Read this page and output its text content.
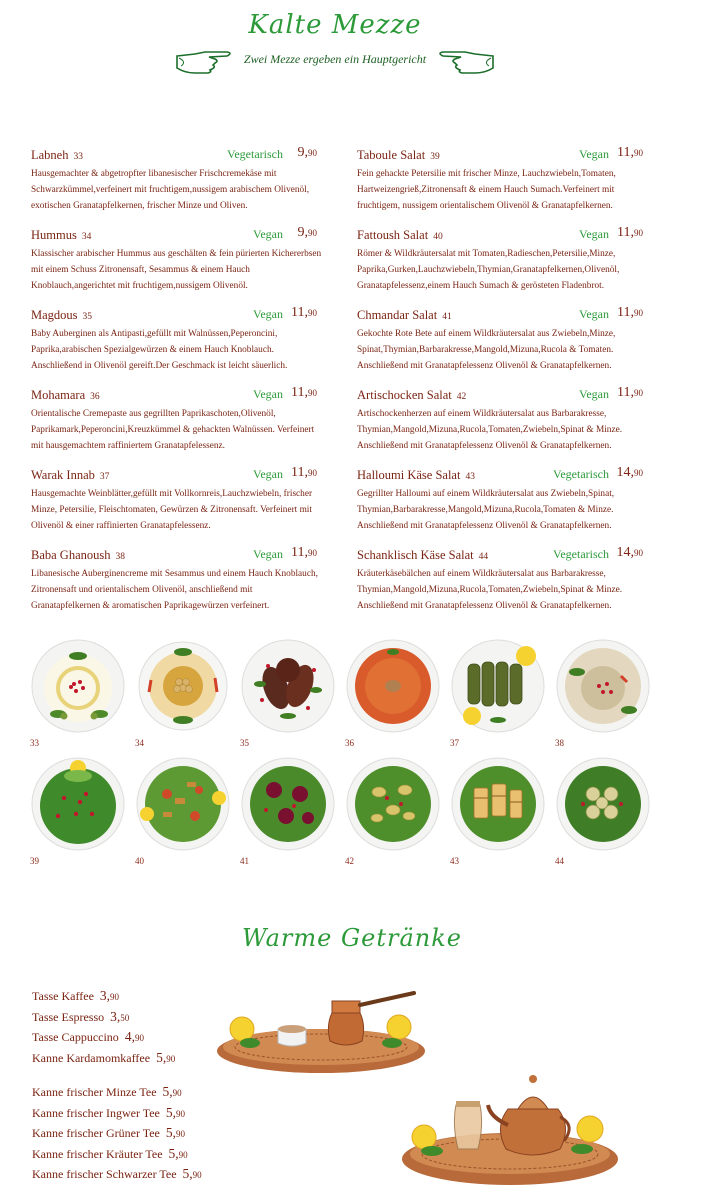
Kalte Mezze
Zwei Mezze ergeben ein Hauptgericht
Labneh 33	Vegetarisch 9,90
Hausgemachter & abgetropfter libanesischer Frischcremekäse mit Schwarzkümmel,verfeinert mit fruchtigem,nussigem arabischem Olivenöl, exotischen Granatapfelkernen, frischer Minze und Oliven.
Hummus 34	Vegan 9,90
Klassischer arabischer Hummus aus geschälten & fein pürierten Kichererbsen mit einem Schuss Zitronensaft, Sesammus & einem Hauch Knoblauch,angerichtet mit fruchtigem,nussigem Olivenöl.
Magdous 35	Vegan 11,90
Baby Auberginen als Antipasti,gefüllt mit Walnüssen,Peperoncini, Paprika,arabischen Spezialgewürzen & einem Hauch Knoblauch. Anschließend in Olivenöl gereift.Der Geschmack ist leicht säuerlich.
Mohamara 36	Vegan 11,90
Orientalische Cremepaste aus gegrillten Paprikaschoten,Olivenöl, Paprikamark,Peperoncini,Kreuzkümmel & gehackten Walnüssen. Verfeinert mit hausgemachtem raffiniertem Granatapfelessenz.
Warak Innab 37	Vegan 11,90
Hausgemachte Weinblätter,gefüllt mit Vollkornreis,Lauchzwiebeln, frischer Minze, Petersilie, Fleischtomaten, Gewürzen & Zitronensaft. Verfeinert mit Olivenöl & einer raffinierten Granatapfelessenz.
Baba Ghanoush 38	Vegan 11,90
Libanesische Auberginencreme mit Sesammus und einem Hauch Knoblauch, Zitronensaft und orientalischem Olivenöl, anschließend mit Granatapfelkernen & aromatischen Paprikagewürzen verfeinert.
Taboule Salat 39	Vegan 11,90
Fein gehackte Petersilie mit frischer Minze, Lauchzwiebeln,Tomaten, Hartweizengrieß,Zitronensaft & einem Hauch Sumach.Verfeinert mit fruchtigem, nussigem orientalischem Olivenöl & Granatapfelkernen.
Fattoush Salat 40	Vegan 11,90
Römer & Wildkräutersalat mit Tomaten,Radieschen,Petersilie,Minze, Paprika,Gurken,Lauchzwiebeln,Thymian,Granatapfelkernen,Olivenöl, Granatapfelessenz,einem Hauch Sumach & gerösteten Fladenbrot.
Chmandar Salat 41	Vegan 11,90
Gekochte Rote Bete auf einem Wildkräutersalat aus Zwiebeln,Minze, Spinat,Thymian,Barbarakresse,Mangold,Mizuna,Rucola & Tomaten. Anschließend mit Granatapfelessenz Olivenöl & Granatapfelkernen.
Artischocken Salat 42	Vegan 11,90
Artischockenherzen auf einem Wildkräutersalat aus Barbarakresse, Thymian,Mangold,Mizuna,Rucola,Tomaten,Zwiebeln,Spinat & Minze. Anschließend mit Granatapfelessenz Olivenöl & Granatapfelkernen.
Halloumi Käse Salat 43	Vegetarisch 14,90
Gegrillter Halloumi auf einem Wildkräutersalat aus Zwiebeln,Spinat, Thymian,Barbarakresse,Mangold,Mizuna,Rucola,Tomaten & Minze. Anschließend mit Granatapfelessenz Olivenöl & Granatapfelkernen.
Schanklisch Käse Salat 44	Vegetarisch 14,90
Kräuterkäsebälchen auf einem Wildkräutersalat aus Barbarakresse, Thymian,Mangold,Mizuna,Rucola,Tomaten,Zwiebeln,Spinat & Minze. Anschließend mit Granatapfelessenz Olivenöl & Granatapfelkernen.
33	34	35	36	37	38
39	40	41	42	43	44
Warme Getränke
Tasse Kaffee 3,90
Tasse Espresso 3,50
Tasse Cappuccino 4,90
Kanne Kardamomkaffee 5,90
Kanne frischer Minze Tee 5,90
Kanne frischer Ingwer Tee 5,90
Kanne frischer Grüner Tee 5,90
Kanne frischer Kräuter Tee 5,90
Kanne frischer Schwarzer Tee 5,90
